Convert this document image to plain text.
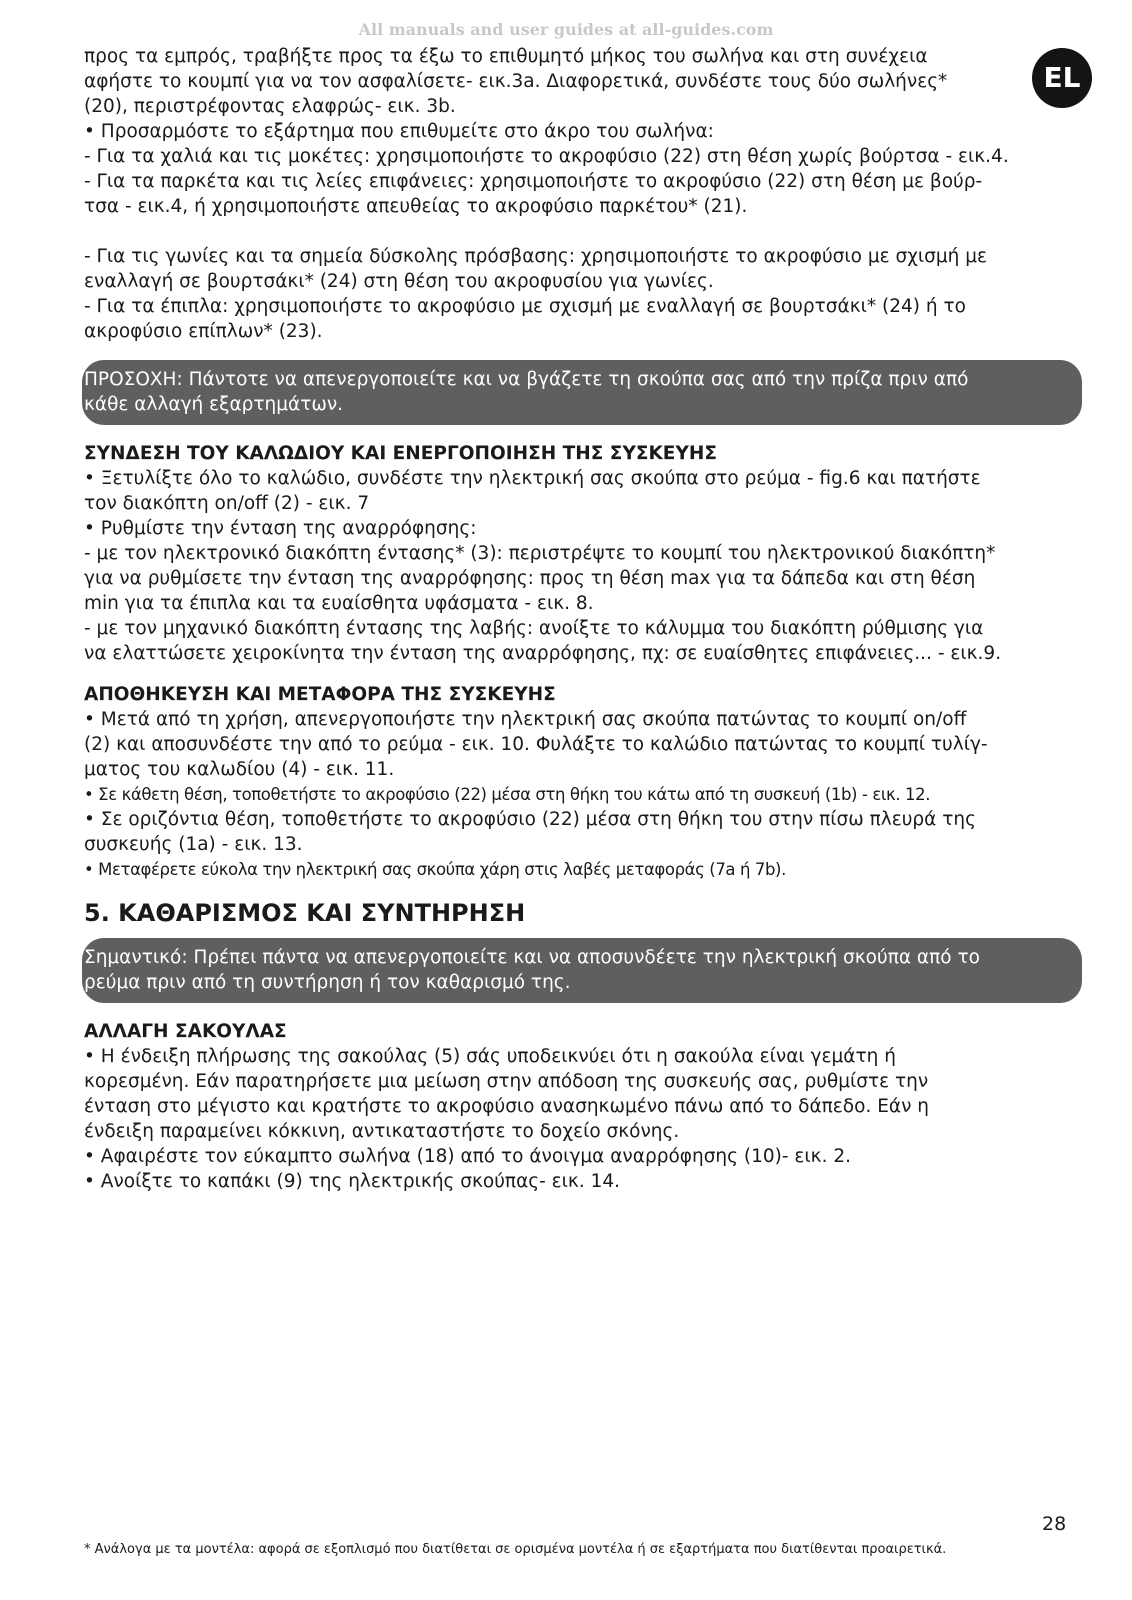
All manuals and user guides at all-guides.com
EL

προς τα εμπρός, τραβήξτε προς τα έξω το επιθυμητό μήκος του σωλήνα και στη συνέχεια

αφήστε το κουμπί για να τον ασφαλίσετε- εικ.3a. Διαφορετικά, συνδέστε τους δύο σωλήνες*

(20), περιστρέφοντας ελαφρώς- εικ. 3b.

• Προσαρμόστε το εξάρτημα που επιθυμείτε στο άκρο του σωλήνα:

- Για τα χαλιά και τις μοκέτες: χρησιμοποιήστε το ακροφύσιο (22) στη θέση χωρίς βούρτσα - εικ.4.

- Για τα παρκέτα και τις λείες επιφάνειες: χρησιμοποιήστε το ακροφύσιο (22) στη θέση με βούρ-

τσα - εικ.4, ή χρησιμοποιήστε απευθείας το ακροφύσιο παρκέτου* (21).

- Για τις γωνίες και τα σημεία δύσκολης πρόσβασης: χρησιμοποιήστε το ακροφύσιο με σχισμή με

εναλλαγή σε βουρτσάκι* (24) στη θέση του ακροφυσίου για γωνίες.

- Για τα έπιπλα: χρησιμοποιήστε το ακροφύσιο με σχισμή με εναλλαγή σε βουρτσάκι* (24) ή το

ακροφύσιο επίπλων* (23).

ΠΡΟΣΟΧΗ: Πάντοτε να απενεργοποιείτε και να βγάζετε τη σκούπα σας από την πρίζα πριν από

κάθε αλλαγή εξαρτημάτων.

ΣΥΝΔΕΣΗ ΤΟΥ ΚΑΛΩΔΙΟΥ ΚΑΙ ΕΝΕΡΓΟΠΟΙΗΣΗ ΤΗΣ ΣΥΣΚΕΥΗΣ

• Ξετυλίξτε όλο το καλώδιο, συνδέστε την ηλεκτρική σας σκούπα στο ρεύμα - fig.6 και πατήστε

τον διακόπτη on/off (2) - εικ. 7

• Ρυθμίστε την ένταση της αναρρόφησης:

- με τον ηλεκτρονικό διακόπτη έντασης* (3): περιστρέψτε το κουμπί του ηλεκτρονικού διακόπτη*

για να ρυθμίσετε την ένταση της αναρρόφησης: προς τη θέση max για τα δάπεδα και στη θέση

min για τα έπιπλα και τα ευαίσθητα υφάσματα - εικ. 8.

- με τον μηχανικό διακόπτη έντασης της λαβής: ανοίξτε το κάλυμμα του διακόπτη ρύθμισης για

να ελαττώσετε χειροκίνητα την ένταση της αναρρόφησης, πχ: σε ευαίσθητες επιφάνειες... - εικ.9.

ΑΠΟΘΗΚΕΥΣΗ ΚΑΙ ΜΕΤΑΦΟΡΑ ΤΗΣ ΣΥΣΚΕΥΗΣ

• Μετά από τη χρήση, απενεργοποιήστε την ηλεκτρική σας σκούπα πατώντας το κουμπί on/off

(2) και αποσυνδέστε την από το ρεύμα - εικ. 10. Φυλάξτε το καλώδιο πατώντας το κουμπί τυλίγ-

ματος του καλωδίου (4) - εικ. 11.

• Σε κάθετη θέση, τοποθετήστε το ακροφύσιο (22) μέσα στη θήκη του κάτω από τη συσκευή (1b) - εικ. 12.

• Σε οριζόντια θέση, τοποθετήστε το ακροφύσιο (22) μέσα στη θήκη του στην πίσω πλευρά της

συσκευής (1a) - εικ. 13.

• Μεταφέρετε εύκολα την ηλεκτρική σας σκούπα χάρη στις λαβές μεταφοράς (7a ή 7b).

5. ΚΑΘΑΡΙΣΜΟΣ ΚΑΙ ΣΥΝΤΗΡΗΣΗ

Σημαντικό: Πρέπει πάντα να απενεργοποιείτε και να αποσυνδέετε την ηλεκτρική σκούπα από το

ρεύμα πριν από τη συντήρηση ή τον καθαρισμό της.

ΑΛΛΑΓΗ ΣΑΚΟΥΛΑΣ

• Η ένδειξη πλήρωσης της σακούλας (5) σάς υποδεικνύει ότι η σακούλα είναι γεμάτη ή

κορεσμένη. Εάν παρατηρήσετε μια μείωση στην απόδοση της συσκευής σας, ρυθμίστε την

ένταση στο μέγιστο και κρατήστε το ακροφύσιο ανασηκωμένο πάνω από το δάπεδο. Εάν η

ένδειξη παραμείνει κόκκινη, αντικαταστήστε το δοχείο σκόνης.

• Αφαιρέστε τον εύκαμπτο σωλήνα (18) από το άνοιγμα αναρρόφησης (10)- εικ. 2.

• Ανοίξτε το καπάκι (9) της ηλεκτρικής σκούπας- εικ. 14.

28
* Ανάλογα με τα μοντέλα: αφορά σε εξοπλισμό που διατίθεται σε ορισμένα μοντέλα ή σε εξαρτήματα που διατίθενται προαιρετικά.
